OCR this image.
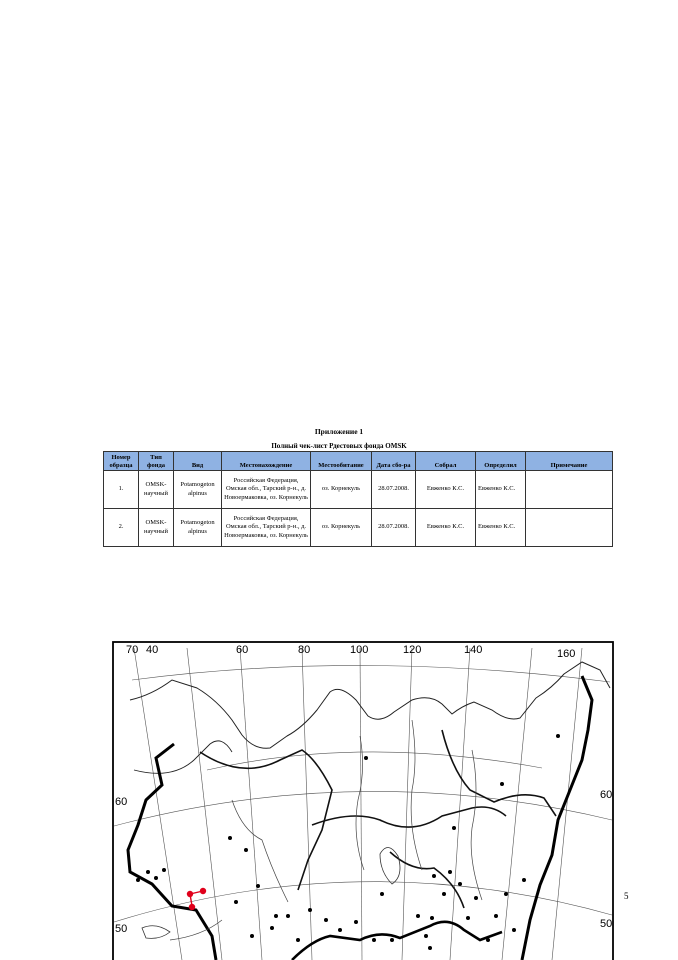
Приложение 1
Полный чек-лист Рдестовых фонда OMSK
Номер образца	Тип фонда	Вид	Местонахождение	Местообитание	Дата сбо-ра	Собрал	Определил	Примечание
1.	OMSK-научный	Potamogeton alpinus	Российская Федерация, Омская обл., Тарский р-н., д. Новоермаковка, оз. Корнекуль	оз. Корнекуль	28.07.2008.	Евженко К.С.	Евженко К.С.	
2.	OMSK-научный	Potamogeton alpinus	Российская Федерация, Омская обл., Тарский р-н., д. Новоермаковка, оз. Корнекуль	оз. Корнекуль	28.07.2008.	Евженко К.С.	Евженко К.С.	
70 40	60	80	100	120	140	160
60
60
50	50
5
